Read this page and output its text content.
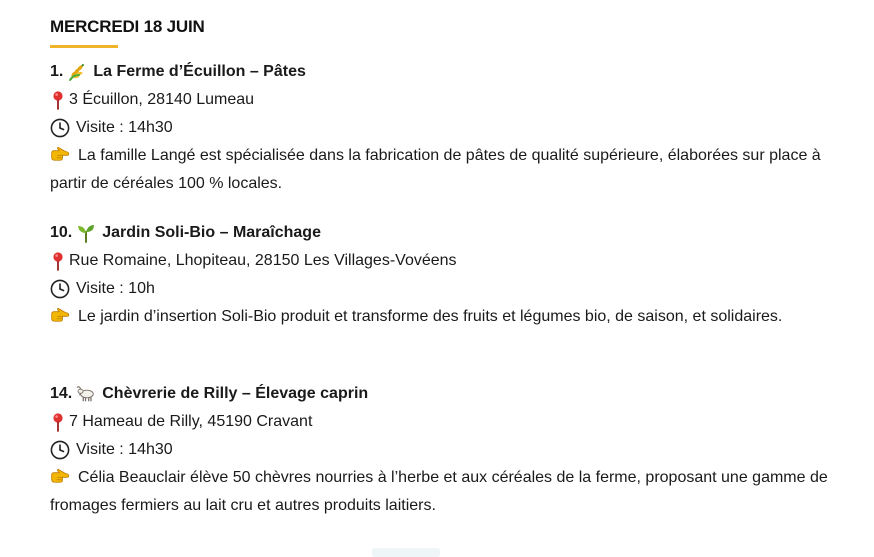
MERCREDI 18 JUIN
1. La Ferme d’Écuillon – Pâtes
3 Écuillon, 28140 Lumeau
Visite : 14h30
La famille Langé est spécialisée dans la fabrication de pâtes de qualité supérieure, élaborées sur place à partir de céréales 100 % locales.
10. Jardin Soli-Bio – Maraîchage
Rue Romaine, Lhopiteau, 28150 Les Villages-Vovéens
Visite : 10h
Le jardin d’insertion Soli-Bio produit et transforme des fruits et légumes bio, de saison, et solidaires.
14. Chèvrerie de Rilly – Élevage caprin
7 Hameau de Rilly, 45190 Cravant
Visite : 14h30
Célia Beauclair élève 50 chèvres nourries à l’herbe et aux céréales de la ferme, proposant une gamme de fromages fermiers au lait cru et autres produits laitiers.
